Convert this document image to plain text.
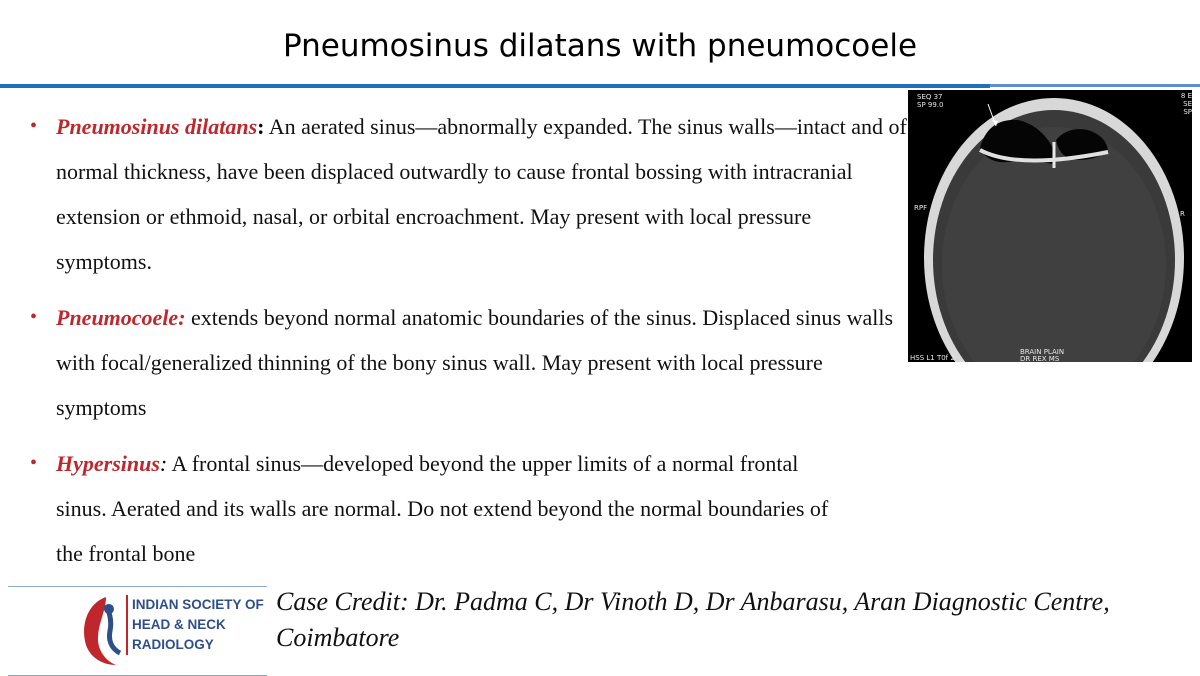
Pneumosinus dilatans with pneumocoele
• Pneumosinus dilatans: An aerated sinus—abnormally expanded. The sinus walls—intact and of normal thickness, have been displaced outwardly to cause frontal bossing with intracranial extension or ethmoid, nasal, or orbital encroachment. May present with local pressure symptoms.
• Pneumocoele: extends beyond normal anatomic boundaries of the sinus. Displaced sinus walls with focal/generalized thinning of the bony sinus wall. May present with local pressure symptoms
• Hypersinus: A frontal sinus—developed beyond the upper limits of a normal frontal sinus. Aerated and its walls are normal. Do not extend beyond the normal boundaries of the frontal bone
SEQ 37
SP 99.0
8 E
SE
SP
RPF
R
HSS L1 T0f 2
BRAIN PLAIN
DR REX MS
INDIAN SOCIETY OF
HEAD & NECK
RADIOLOGY
Case Credit: Dr. Padma C, Dr Vinoth D, Dr Anbarasu, Aran Diagnostic Centre, Coimbatore
